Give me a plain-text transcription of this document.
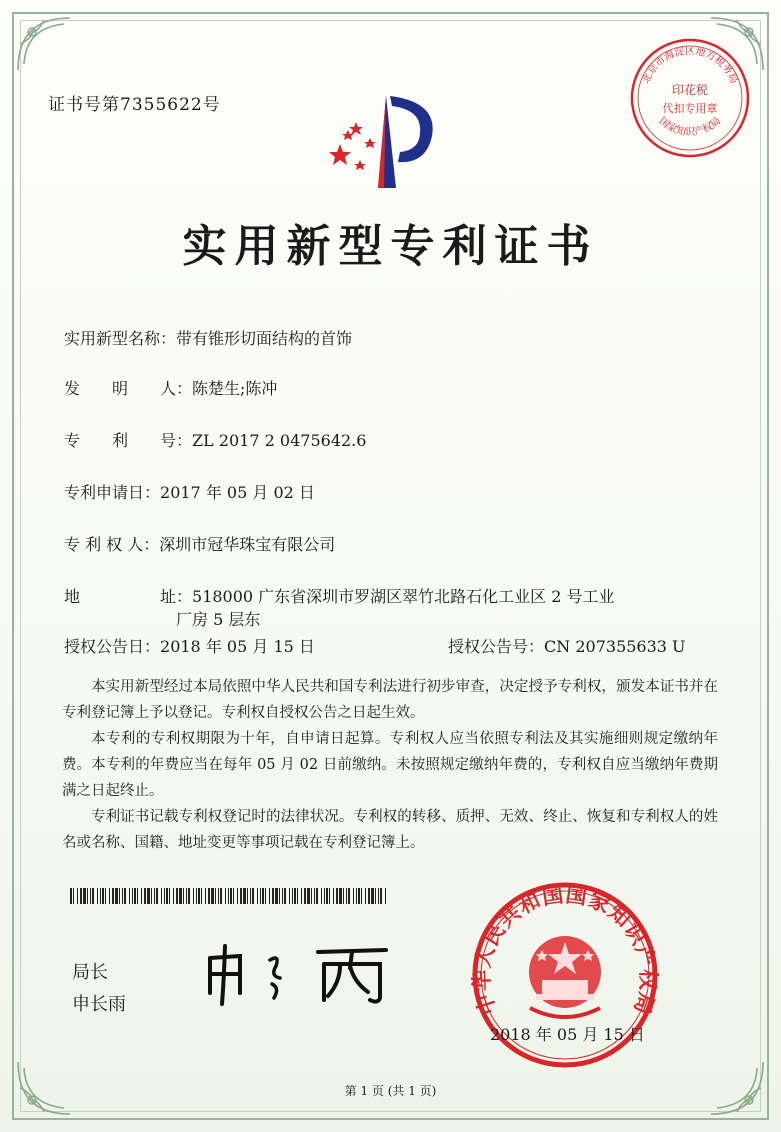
证书号第7355622号
北京市海淀区地方税务局
印花税
代扣专用章
国家知识产权局
实用新型专利证书
实用新型名称：带有锥形切面结构的首饰
发　　明　　人：陈楚生;陈冲
专　　利　　号：ZL 2017 2 0475642.6
专利申请日：2017 年 05 月 02 日
专 利 权 人：深圳市冠华珠宝有限公司
地　　　　　址：518000 广东省深圳市罗湖区翠竹北路石化工业区 2 号工业
厂房 5 层东
授权公告日：2018 年 05 月 15 日	授权公告号：CN 207355633 U

本实用新型经过本局依照中华人民共和国专利法进行初步审查，决定授予专利权，颁发本证书并在专利登记簿上予以登记。专利权自授权公告之日起生效。

本专利的专利权期限为十年，自申请日起算。专利权人应当依照专利法及其实施细则规定缴纳年费。本专利的年费应当在每年 05 月 02 日前缴纳。未按照规定缴纳年费的，专利权自应当缴纳年费期满之日起终止。

专利证书记载专利权登记时的法律状况。专利权的转移、质押、无效、终止、恢复和专利权人的姓名或名称、国籍、地址变更等事项记载在专利登记簿上。

局长
申长雨	中华人民共和国国家知识产权局
2018 年 05 月 15 日
第 1 页 (共 1 页)
